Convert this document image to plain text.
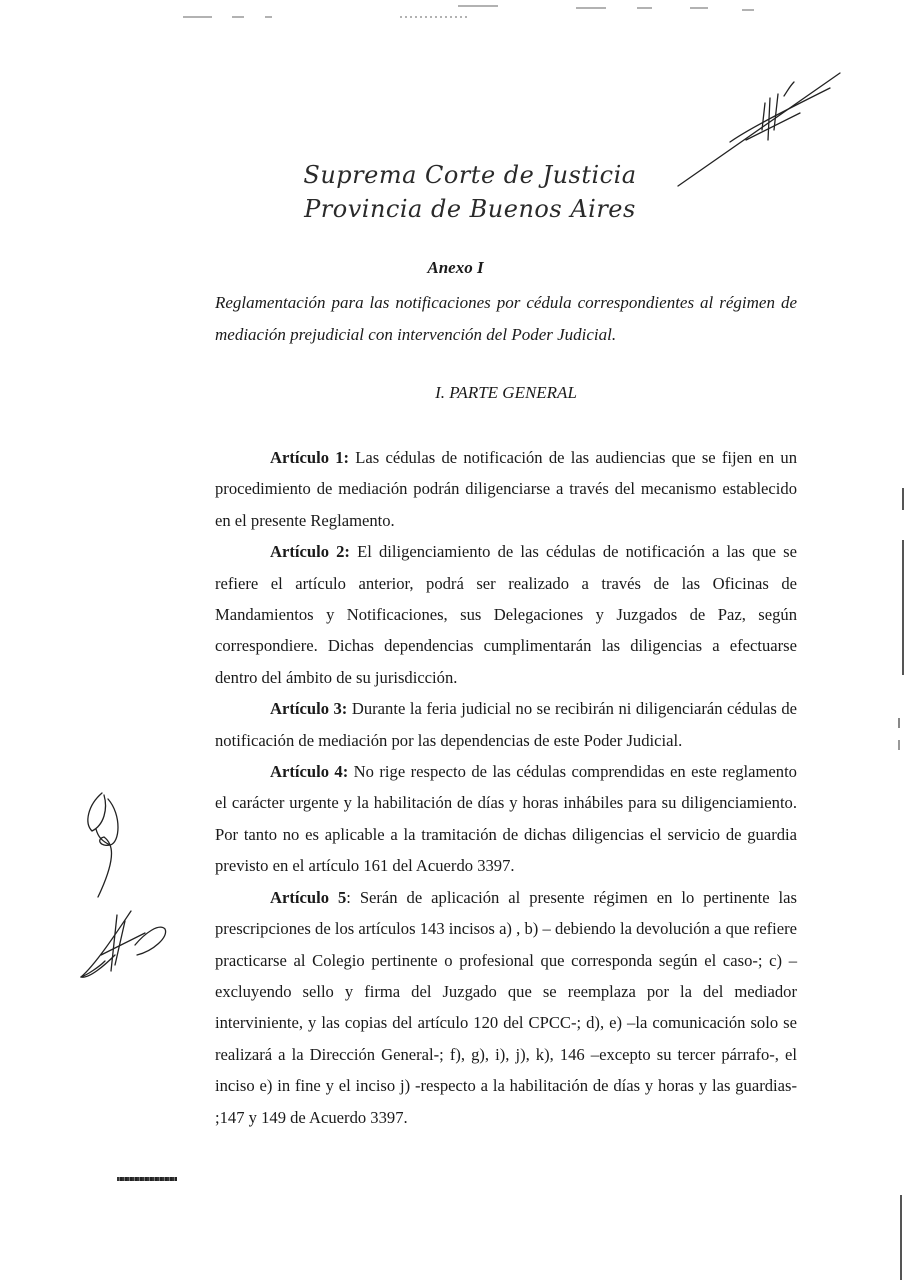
Suprema Corte de Justicia
Provincia de Buenos Aires
Anexo I
Reglamentación para las notificaciones por cédula correspondientes al régimen de mediación prejudicial con intervención del Poder Judicial.
I. PARTE GENERAL

Artículo 1: Las cédulas de notificación de las audiencias que se fijen en un procedimiento de mediación podrán diligenciarse a través del mecanismo establecido en el presente Reglamento.

Artículo 2: El diligenciamiento de las cédulas de notificación a las que se refiere el artículo anterior, podrá ser realizado a través de las Oficinas de Mandamientos y Notificaciones, sus Delegaciones y Juzgados de Paz, según correspondiere. Dichas dependencias cumplimentarán las diligencias a efectuarse dentro del ámbito de su jurisdicción.

Artículo 3: Durante la feria judicial no se recibirán ni diligenciarán cédulas de notificación de mediación por las dependencias de este Poder Judicial.

Artículo 4: No rige respecto de las cédulas comprendidas en este reglamento el carácter urgente y la habilitación de días y horas inhábiles para su diligenciamiento. Por tanto no es aplicable a la tramitación de dichas diligencias el servicio de guardia previsto en el artículo 161 del Acuerdo 3397.

Artículo 5: Serán de aplicación al presente régimen en lo pertinente las prescripciones de los artículos 143 incisos a) , b) – debiendo la devolución a que refiere practicarse al Colegio pertinente o profesional que corresponda según el caso-; c) –excluyendo sello y firma del Juzgado que se reemplaza por la del mediador interviniente, y las copias del artículo 120 del CPCC-; d), e) –la comunicación solo se realizará a la Dirección General-; f), g), i), j), k), 146 –excepto su tercer párrafo-, el inciso e) in fine y el inciso j) -respecto a la habilitación de días y horas y las guardias- ;147 y 149 de Acuerdo 3397.
